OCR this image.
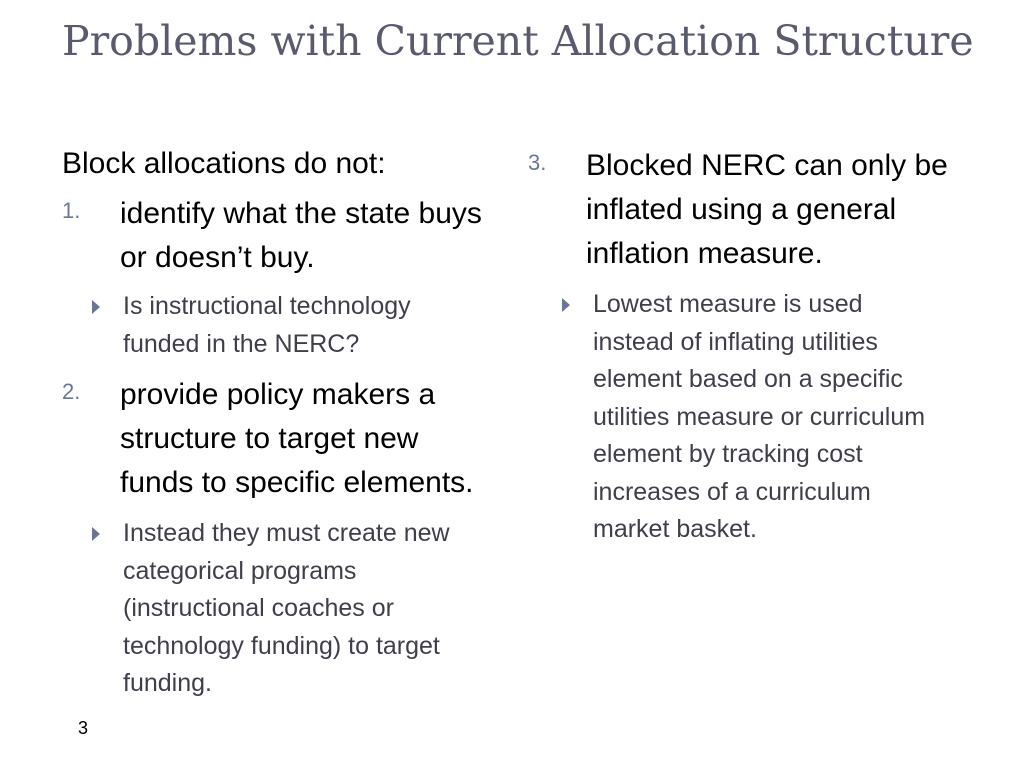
Problems with Current Allocation Structure

Block allocations do not:

1. identify what the state buys or doesn’t buy.
Is instructional technology funded in the NERC?
2. provide policy makers a structure to target new funds to specific elements.
Instead they must create new categorical programs (instructional coaches or technology funding) to target funding.
3. Blocked NERC can only be inflated using a general inflation measure.
Lowest measure is used instead of inflating utilities element based on a specific utilities measure or curriculum element by tracking cost increases of a curriculum market basket.
3
